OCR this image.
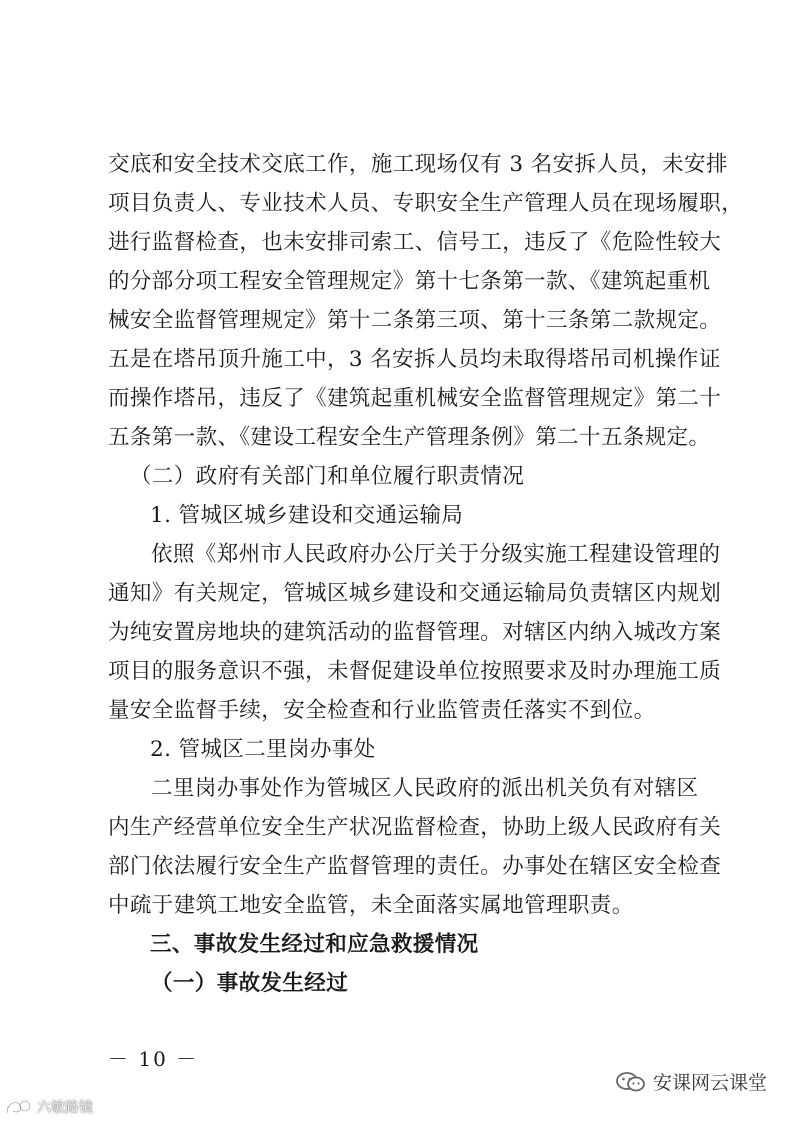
交底和安全技术交底工作，施工现场仅有 3 名安拆人员，未安排
项目负责人、专业技术人员、专职安全生产管理人员在现场履职，
进行监督检查，也未安排司索工、信号工，违反了《危险性较大
的分部分项工程安全管理规定》第十七条第一款、《建筑起重机
械安全监督管理规定》第十二条第三项、第十三条第二款规定。
五是在塔吊顶升施工中，3 名安拆人员均未取得塔吊司机操作证
而操作塔吊，违反了《建筑起重机械安全监督管理规定》第二十
五条第一款、《建设工程安全生产管理条例》第二十五条规定。
（二）政府有关部门和单位履行职责情况
1. 管城区城乡建设和交通运输局
依照《郑州市人民政府办公厅关于分级实施工程建设管理的
通知》有关规定，管城区城乡建设和交通运输局负责辖区内规划
为纯安置房地块的建筑活动的监督管理。对辖区内纳入城改方案
项目的服务意识不强，未督促建设单位按照要求及时办理施工质
量安全监督手续，安全检查和行业监管责任落实不到位。
2. 管城区二里岗办事处
二里岗办事处作为管城区人民政府的派出机关负有对辖区
内生产经营单位安全生产状况监督检查，协助上级人民政府有关
部门依法履行安全生产监督管理的责任。办事处在辖区安全检查
中疏于建筑工地安全监管，未全面落实属地管理职责。
三、事故发生经过和应急救援情况
（一）事故发生经过
－ 10 －
安课网云课堂
六敏路镜
